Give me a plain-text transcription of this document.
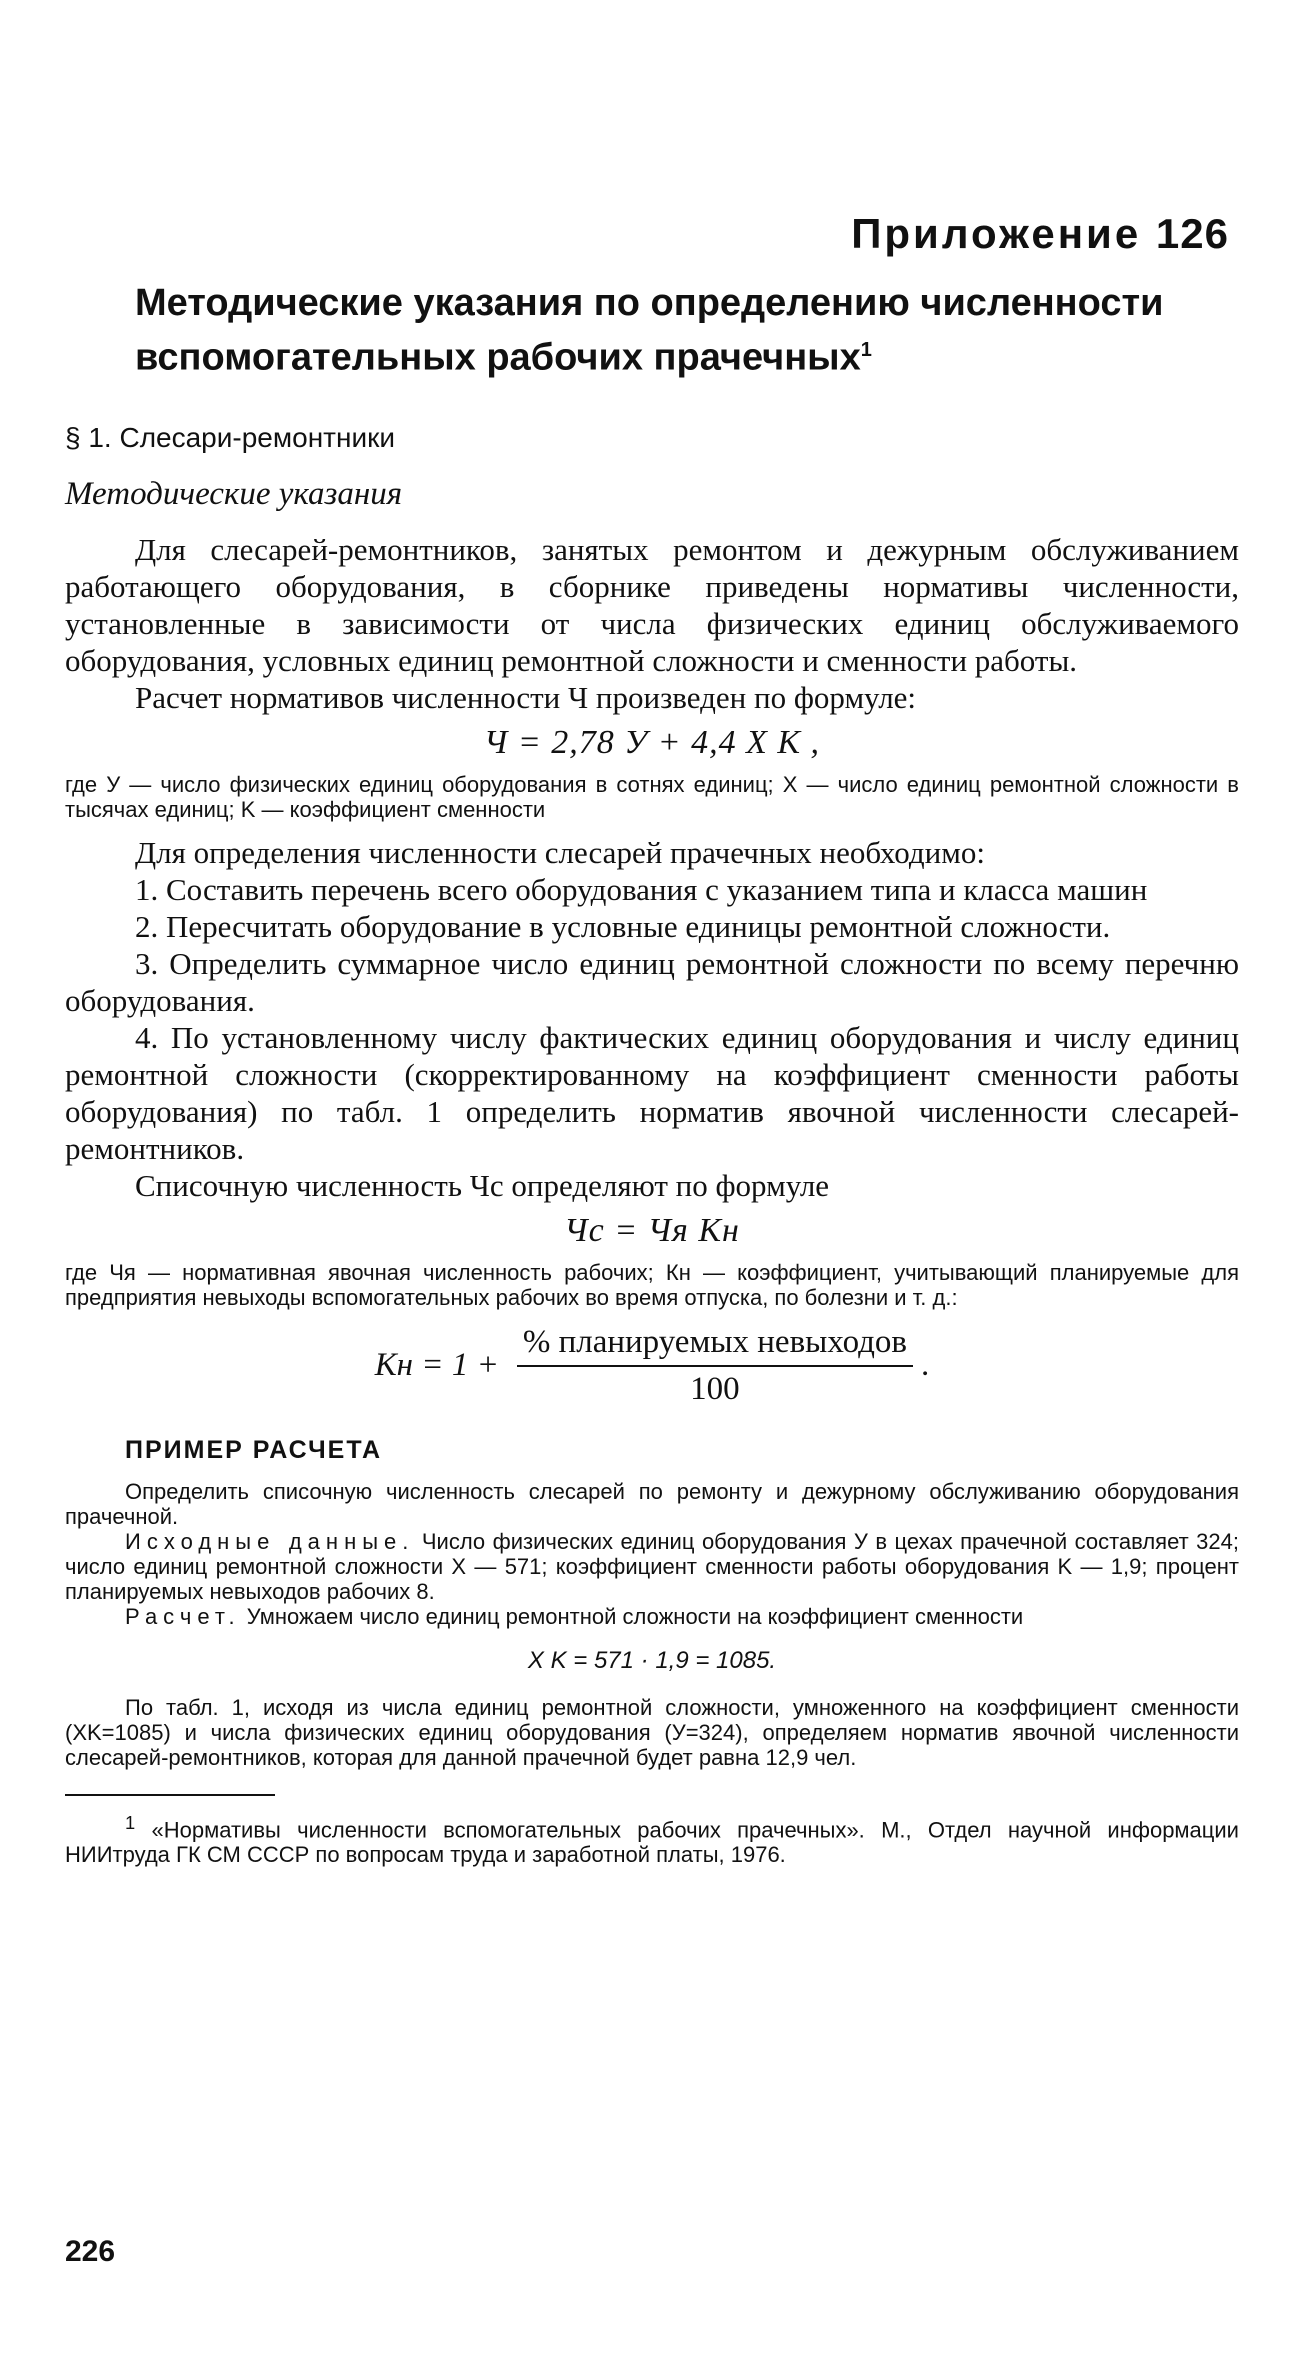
Приложение 126
Методические указания по определению численности вспомогательных рабочих прачечных$^1$
§ 1. Слесари-ремонтники
Методические указания

Для слесарей-ремонтников, занятых ремонтом и дежурным обслуживанием работающего оборудования, в сборнике приведены нормативы численности, установленные в зависимости от числа физических единиц обслуживаемого оборудования, условных единиц ремонтной сложности и сменности работы.

Расчет нормативов численности Ч произведен по формуле:

Ч = 2,78 У + 4,4 X K ,

где У — число физических единиц оборудования в сотнях единиц; X — число единиц ремонтной сложности в тысячах единиц; K — коэффициент сменности

Для определения численности слесарей прачечных необходимо:

1. Составить перечень всего оборудования с указанием типа и класса машин

2. Пересчитать оборудование в условные единицы ремонтной сложности.

3. Определить суммарное число единиц ремонтной сложности по всему перечню оборудования.

4. По установленному числу фактических единиц оборудования и числу единиц ремонтной сложности (скорректированному на коэффициент сменности работы оборудования) по табл. 1 определить норматив явочной численности слесарей-ремонтников.

Списочную численность Чс определяют по формуле

Чс = Чя Кн

где Чя — нормативная явочная численность рабочих; Кн — коэффициент, учитывающий планируемые для предприятия невыходы вспомогательных рабочих во время отпуска, по болезни и т. д.:

Кн = $1 + \frac{\text{\% планируемых невыходов}}{100}$ .
ПРИМЕР РАСЧЕТА

Определить списочную численность слесарей по ремонту и дежурному обслуживанию оборудования прачечной.

Исходные данные. Число физических единиц оборудования У в цехах прачечной составляет 324; число единиц ремонтной сложности X — 571; коэффициент сменности работы оборудования K — 1,9; процент планируемых невыходов рабочих 8.

Расчет. Умножаем число единиц ремонтной сложности на коэффициент сменности

X K = 571 · 1,9 = 1085.

По табл. 1, исходя из числа единиц ремонтной сложности, умноженного на коэффициент сменности (XK=1085) и числа физических единиц оборудования (У=324), определяем норматив явочной численности слесарей-ремонтников, которая для данной прачечной будет равна 12,9 чел.

$^1$ «Нормативы численности вспомогательных рабочих прачечных». М., Отдел научной информации НИИтруда ГК СМ СССР по вопросам труда и заработной платы, 1976.

226
